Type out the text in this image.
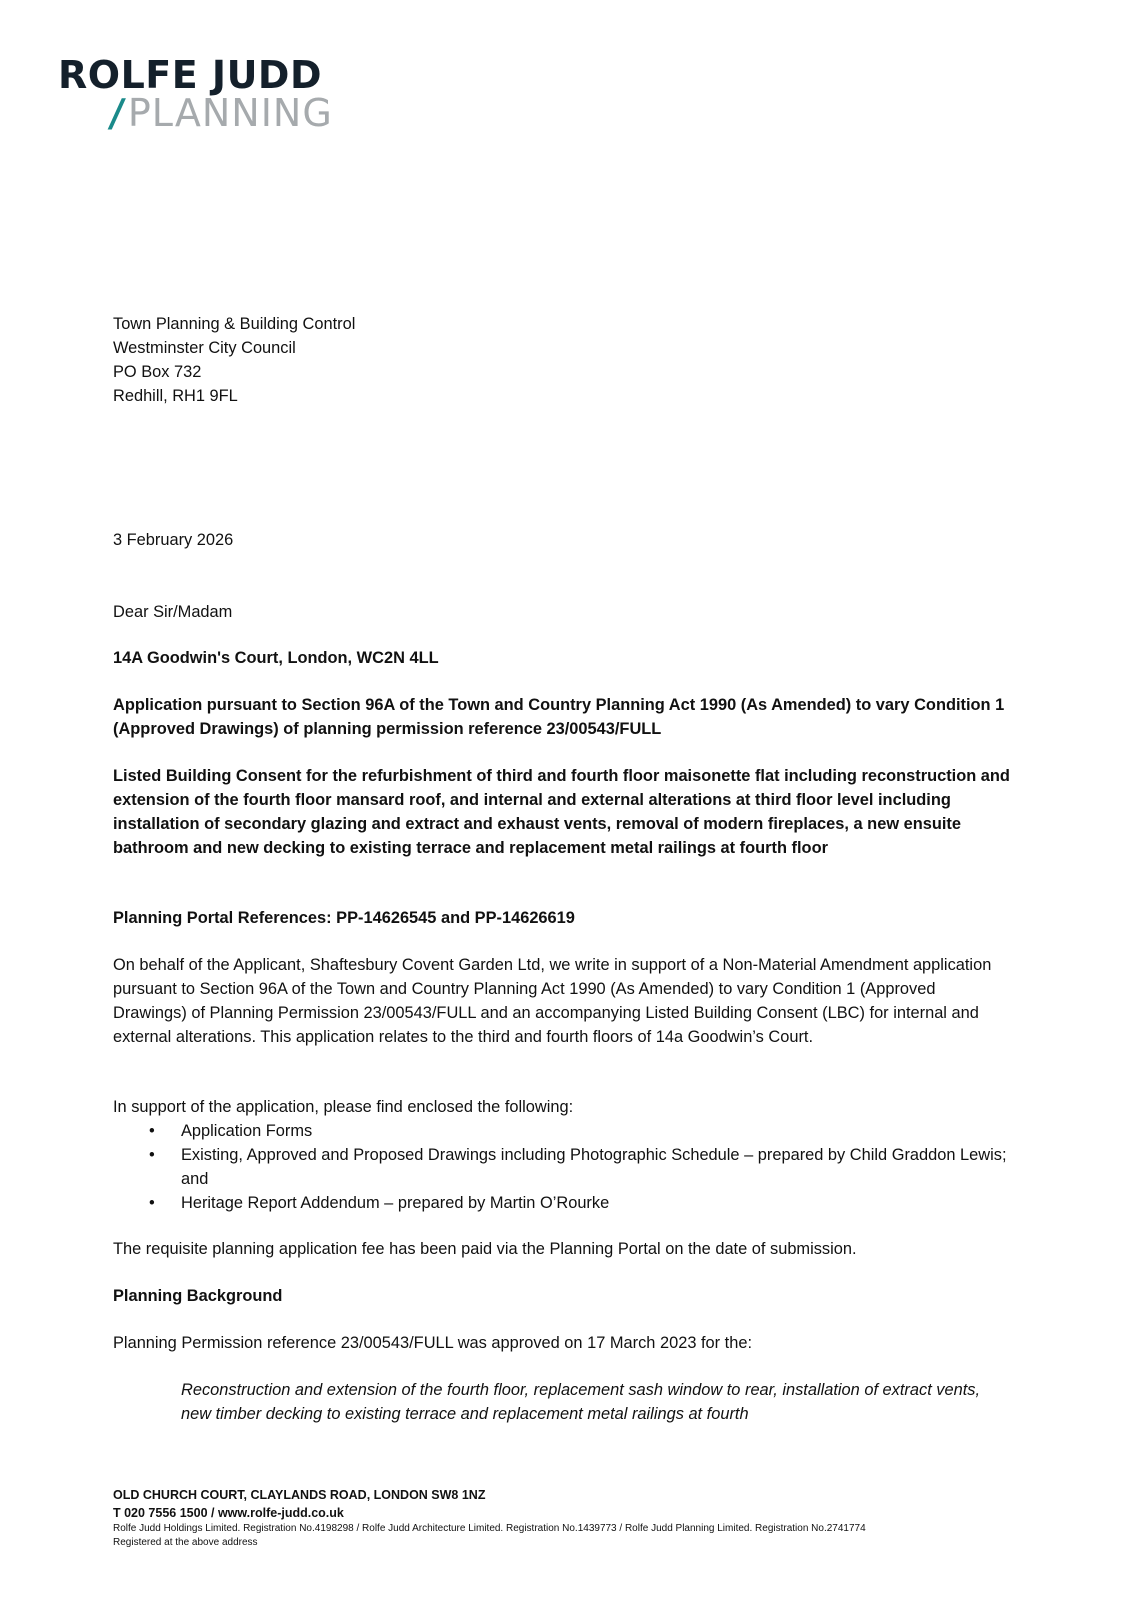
ROLFE JUDD
/PLANNING
Town Planning & Building Control
Westminster City Council
PO Box 732
Redhill, RH1 9FL
3 February 2026
Dear Sir/Madam

14A Goodwin's Court, London, WC2N 4LL

Application pursuant to Section 96A of the Town and Country Planning Act 1990 (As Amended) to vary Condition 1 (Approved Drawings) of planning permission reference 23/00543/FULL

Listed Building Consent for the refurbishment of third and fourth floor maisonette flat including reconstruction and extension of the fourth floor mansard roof, and internal and external alterations at third floor level including installation of secondary glazing and extract and exhaust vents, removal of modern fireplaces, a new ensuite bathroom and new decking to existing terrace and replacement metal railings at fourth floor

Planning Portal References: PP-14626545 and PP-14626619

On behalf of the Applicant, Shaftesbury Covent Garden Ltd, we write in support of a Non-Material Amendment application pursuant to Section 96A of the Town and Country Planning Act 1990 (As Amended) to vary Condition 1 (Approved Drawings) of Planning Permission 23/00543/FULL and an accompanying Listed Building Consent (LBC) for internal and external alterations. This application relates to the third and fourth floors of 14a Goodwin’s Court.

In support of the application, please find enclosed the following:

• Application Forms
• Existing, Approved and Proposed Drawings including Photographic Schedule – prepared by Child Graddon Lewis; and
• Heritage Report Addendum – prepared by Martin O’Rourke

The requisite planning application fee has been paid via the Planning Portal on the date of submission.

Planning Background

Planning Permission reference 23/00543/FULL was approved on 17 March 2023 for the:

Reconstruction and extension of the fourth floor, replacement sash window to rear, installation of extract vents, new timber decking to existing terrace and replacement metal railings at fourth

OLD CHURCH COURT, CLAYLANDS ROAD, LONDON SW8 1NZ
T 020 7556 1500 / www.rolfe-judd.co.uk
Rolfe Judd Holdings Limited. Registration No.4198298 / Rolfe Judd Architecture Limited. Registration No.1439773 / Rolfe Judd Planning Limited. Registration No.2741774
Registered at the above address
